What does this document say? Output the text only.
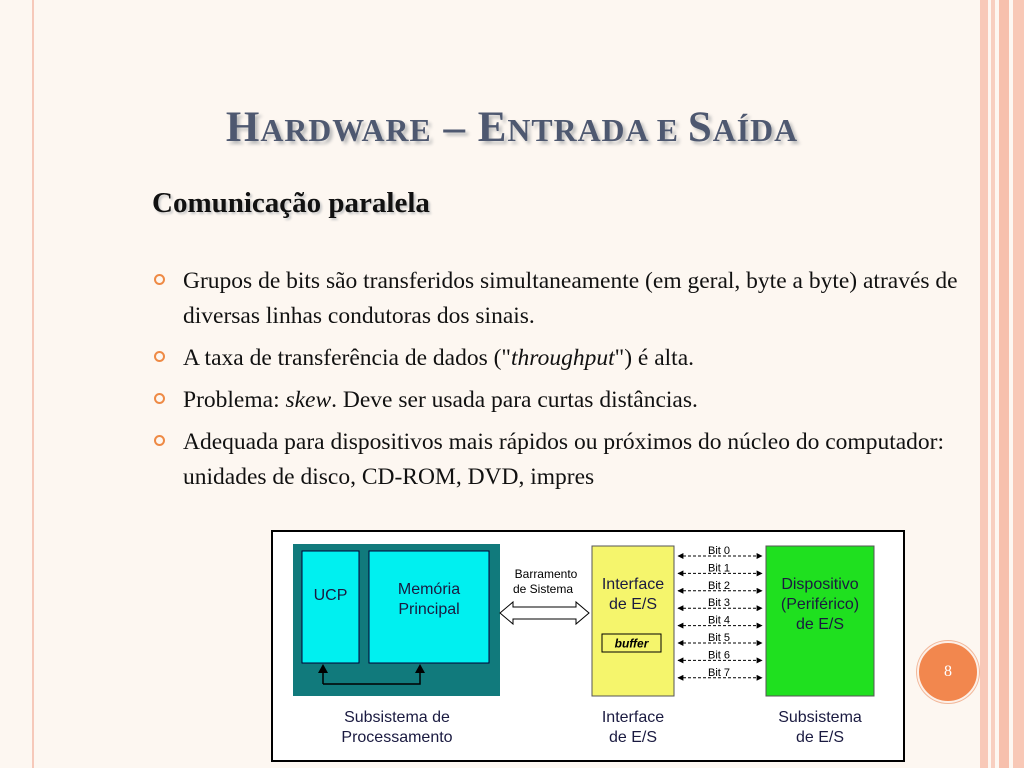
HARDWARE – ENTRADA E SAÍDA
Comunicação paralela
Grupos de bits são transferidos simultaneamente (em geral, byte a byte) através de diversas linhas condutoras dos sinais.
A taxa de transferência de dados ("throughput") é alta.
Problema: skew. Deve ser usada para curtas distâncias.
Adequada para dispositivos mais rápidos ou próximos do núcleo do computador: unidades de disco, CD-ROM, DVD, impres
UCP	Memória
Principal
Barramento
de Sistema Interface
de E/S
buffer
Bit 0
Bit 1
Bit 2
Bit 3
Bit 4
Bit 5
Bit 6
Bit 7
Dispositivo
(Periférico)
de E/S
Subsistema de
Processamento
Interface
de E/S
Subsistema
de E/S
8
